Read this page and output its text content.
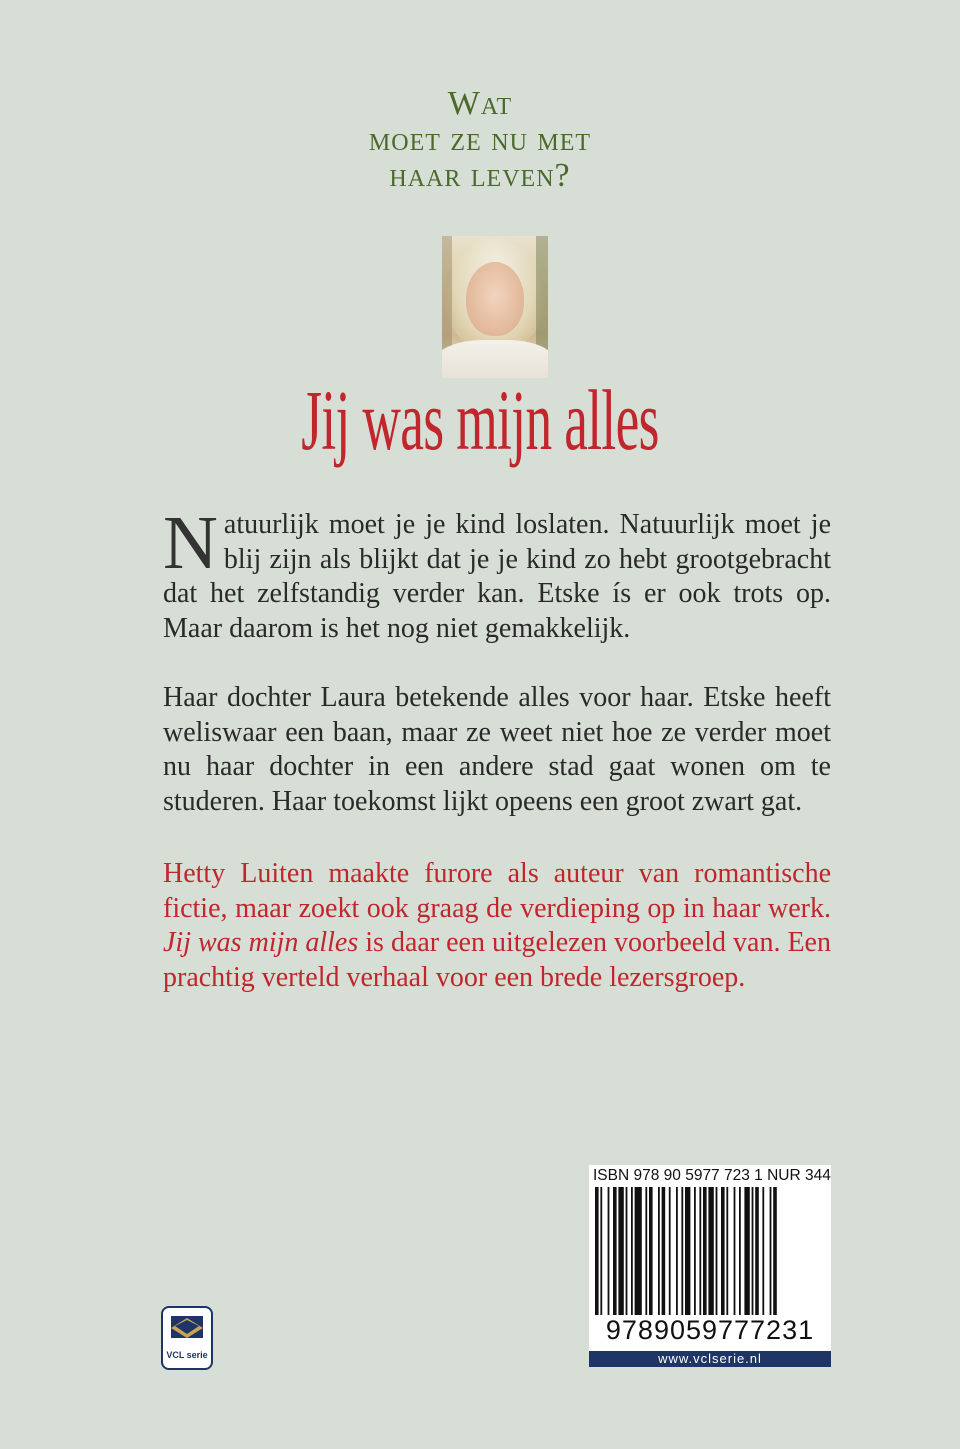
Wat
moet ze nu met
haar leven?
Jij was mijn alles
Natuurlijk moet je je kind loslaten. Natuurlijk moet je blij zijn als blijkt dat je je kind zo hebt grootgebracht dat het zelfstandig verder kan. Etske ís er ook trots op. Maar daarom is het nog niet gemakkelijk.
Haar dochter Laura betekende alles voor haar. Etske heeft weliswaar een baan, maar ze weet niet hoe ze verder moet nu haar dochter in een andere stad gaat wonen om te studeren. Haar toekomst lijkt opeens een groot zwart gat.
Hetty Luiten maakte furore als auteur van romantische fictie, maar zoekt ook graag de verdieping op in haar werk. Jij was mijn alles is daar een uitgelezen voorbeeld van. Een prachtig verteld verhaal voor een brede lezersgroep.
ISBN 978 90 5977 723 1 NUR 344
9789059777231
www.vclserie.nl
VCL serie
